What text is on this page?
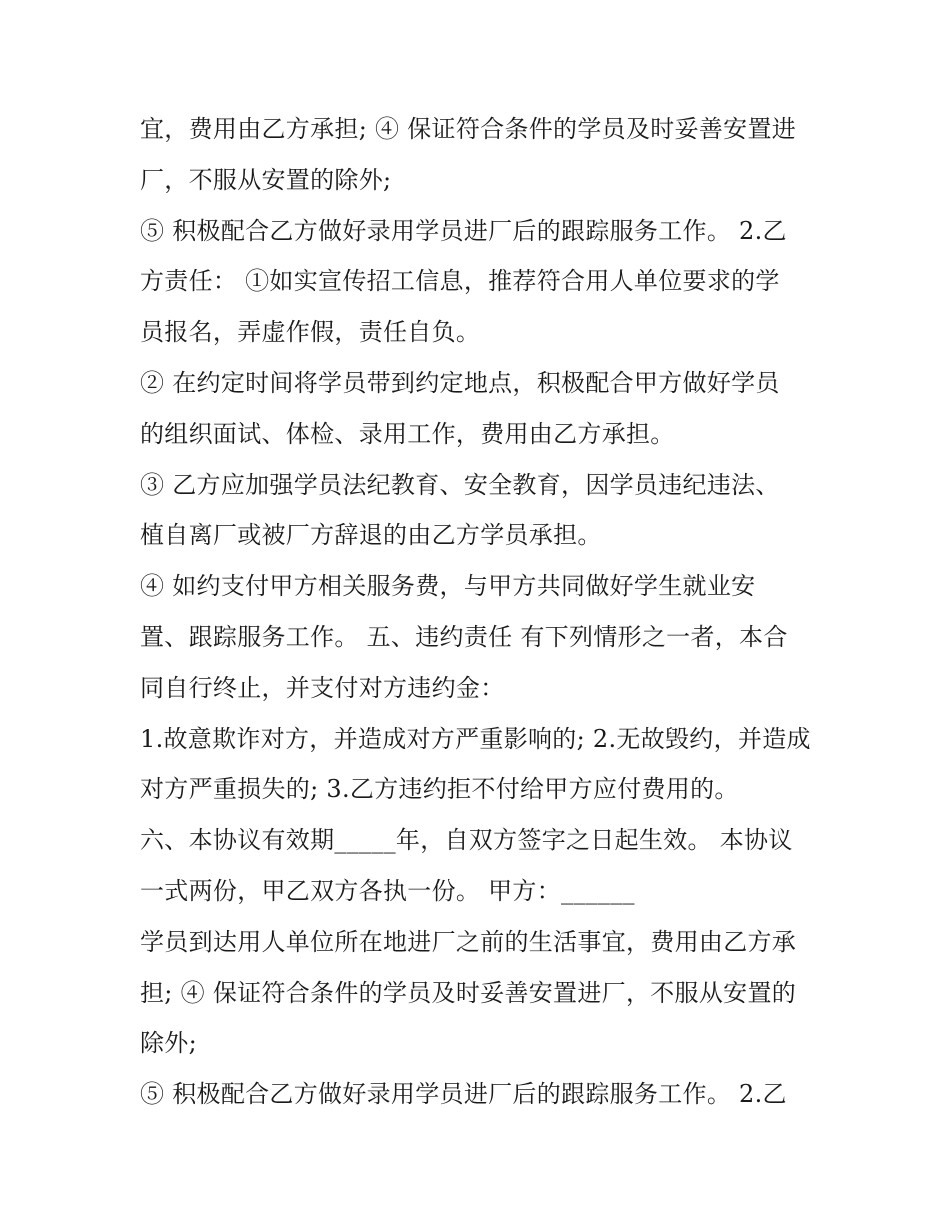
宜，费用由乙方承担; ④ 保证符合条件的学员及时妥善安置进
厂，不服从安置的除外;
⑤ 积极配合乙方做好录用学员进厂后的跟踪服务工作。 2.乙
方责任： ①如实宣传招工信息，推荐符合用人单位要求的学
员报名，弄虚作假，责任自负。
② 在约定时间将学员带到约定地点，积极配合甲方做好学员
的组织面试、体检、录用工作，费用由乙方承担。
③ 乙方应加强学员法纪教育、安全教育，因学员违纪违法、
植自离厂或被厂方辞退的由乙方学员承担。
④ 如约支付甲方相关服务费，与甲方共同做好学生就业安
置、跟踪服务工作。 五、违约责任 有下列情形之一者，本合
同自行终止，并支付对方违约金：
1.故意欺诈对方，并造成对方严重影响的; 2.无故毁约，并造成
对方严重损失的; 3.乙方违约拒不付给甲方应付费用的。
六、本协议有效期_____年，自双方签字之日起生效。 本协议
一式两份，甲乙双方各执一份。 甲方：______
学员到达用人单位所在地进厂之前的生活事宜，费用由乙方承
担; ④ 保证符合条件的学员及时妥善安置进厂，不服从安置的
除外;
⑤ 积极配合乙方做好录用学员进厂后的跟踪服务工作。 2.乙
